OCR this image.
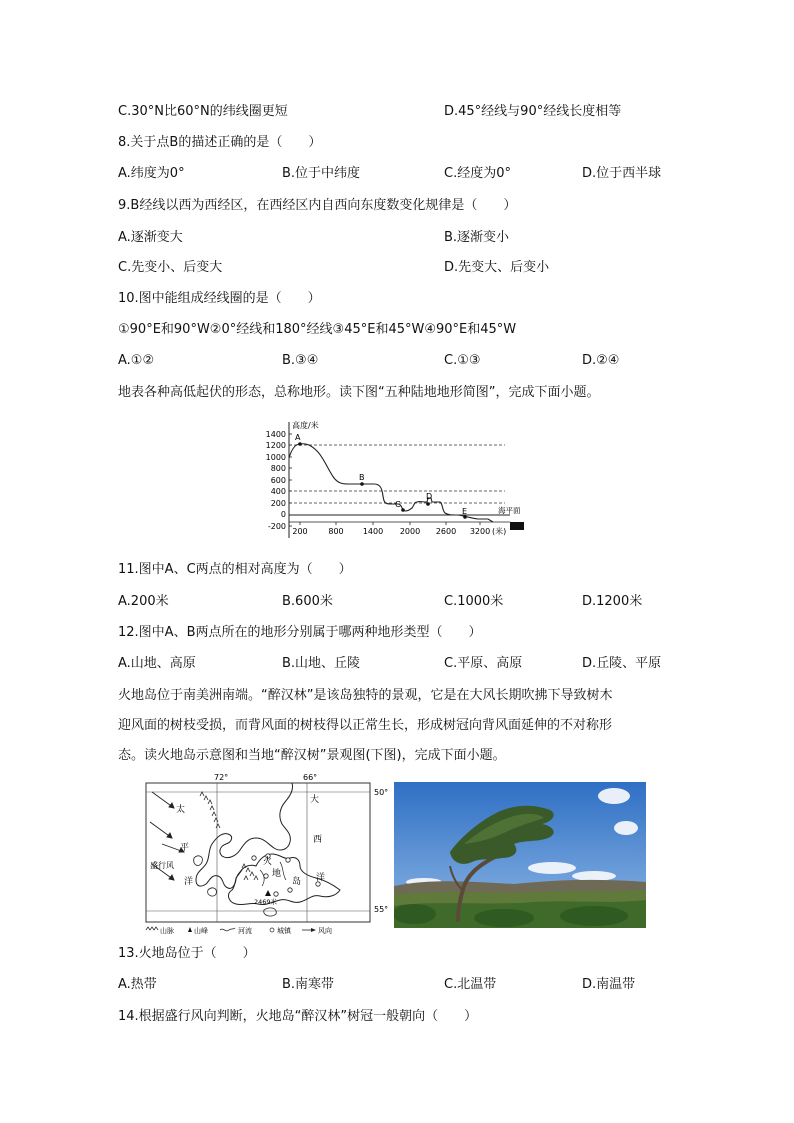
C.30°N比60°N的纬线圈更短	D.45°经线与90°经线长度相等
8.关于点B的描述正确的是（　　）
A.纬度为0°	B.位于中纬度	C.经度为0°	D.位于西半球
9.B经线以西为西经区，在西经区内自西向东度数变化规律是（　　）
A.逐渐变大	B.逐渐变小
C.先变小、后变大	D.先变大、后变小
10.图中能组成经线圈的是（　　）
①90°E和90°W②0°经线和180°经线③45°E和45°W④90°E和45°W
A.①②	B.③④	C.①③	D.②④
地表各种高低起伏的形态，总称地形。读下图“五种陆地地形简图”，完成下面小题。
高度/米
1400
1200
1000
800
600
400
200
0
-200
海平面
200	800 1400 2000 2600 3200 (米)
A
B
C
D
E
11.图中A、C两点的相对高度为（　　）
A.200米	B.600米	C.1000米	D.1200米
12.图中A、B两点所在的地形分别属于哪两种地形类型（　　）
A.山地、高原	B.山地、丘陵	C.平原、高原	D.丘陵、平原
火地岛位于南美洲南端。“醉汉林”是该岛独特的景观，它是在大风长期吹拂下导致树木
迎风面的树枝受损，而背风面的树枝得以正常生长，形成树冠向背风面延伸的不对称形
态。读火地岛示意图和当地“醉汉树”景观图(下图)，完成下面小题。
72°	66°
50°
55°
2469米
太
平
洋
盛行风
大
西
洋
火
地
岛
山脉	山峰	河流	城镇	风向
13.火地岛位于（　　）
A.热带	B.南寒带	C.北温带	D.南温带
14.根据盛行风向判断，火地岛“醉汉林”树冠一般朝向（　　）
